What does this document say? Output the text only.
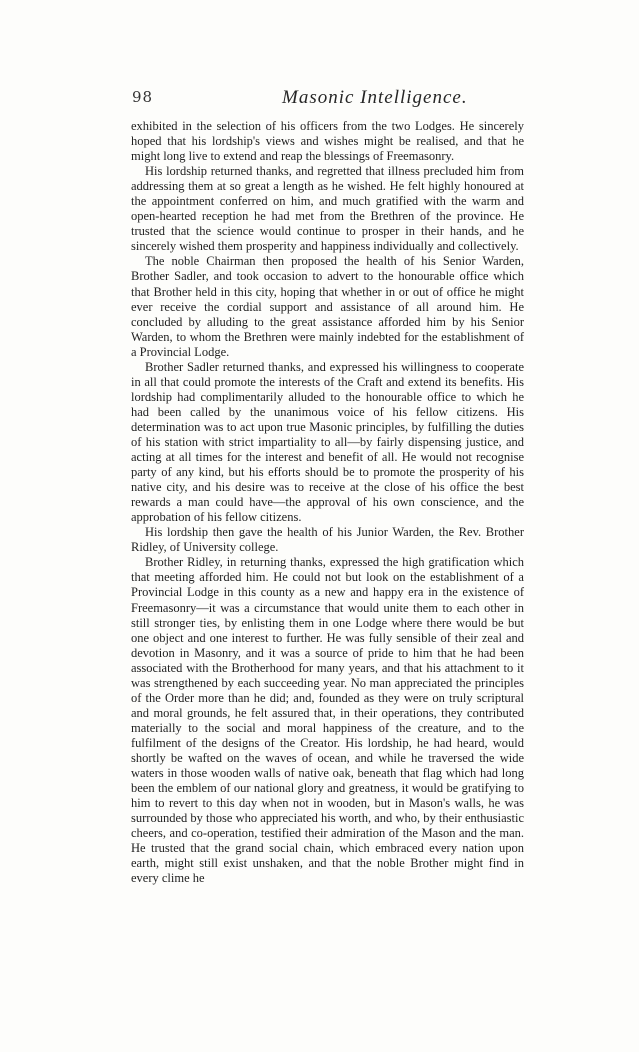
98	Masonic Intelligence.

exhibited in the selection of his officers from the two Lodges. He sincerely hoped that his lordship's views and wishes might be realised, and that he might long live to extend and reap the blessings of Freemasonry.

His lordship returned thanks, and regretted that illness precluded him from addressing them at so great a length as he wished. He felt highly honoured at the appointment conferred on him, and much gratified with the warm and open-hearted reception he had met from the Brethren of the province. He trusted that the science would continue to prosper in their hands, and he sincerely wished them prosperity and happiness individually and collectively.

The noble Chairman then proposed the health of his Senior Warden, Brother Sadler, and took occasion to advert to the honourable office which that Brother held in this city, hoping that whether in or out of office he might ever receive the cordial support and assistance of all around him. He concluded by alluding to the great assistance afforded him by his Senior Warden, to whom the Brethren were mainly indebted for the establishment of a Provincial Lodge.

Brother Sadler returned thanks, and expressed his willingness to cooperate in all that could promote the interests of the Craft and extend its benefits. His lordship had complimentarily alluded to the honourable office to which he had been called by the unanimous voice of his fellow citizens. His determination was to act upon true Masonic principles, by fulfilling the duties of his station with strict impartiality to all—by fairly dispensing justice, and acting at all times for the interest and benefit of all. He would not recognise party of any kind, but his efforts should be to promote the prosperity of his native city, and his desire was to receive at the close of his office the best rewards a man could have—the approval of his own conscience, and the approbation of his fellow citizens.

His lordship then gave the health of his Junior Warden, the Rev. Brother Ridley, of University college.

Brother Ridley, in returning thanks, expressed the high gratification which that meeting afforded him. He could not but look on the establishment of a Provincial Lodge in this county as a new and happy era in the existence of Freemasonry—it was a circumstance that would unite them to each other in still stronger ties, by enlisting them in one Lodge where there would be but one object and one interest to further. He was fully sensible of their zeal and devotion in Masonry, and it was a source of pride to him that he had been associated with the Brotherhood for many years, and that his attachment to it was strengthened by each succeeding year. No man appreciated the principles of the Order more than he did; and, founded as they were on truly scriptural and moral grounds, he felt assured that, in their operations, they contributed materially to the social and moral happiness of the creature, and to the fulfilment of the designs of the Creator. His lordship, he had heard, would shortly be wafted on the waves of ocean, and while he traversed the wide waters in those wooden walls of native oak, beneath that flag which had long been the emblem of our national glory and greatness, it would be gratifying to him to revert to this day when not in wooden, but in Mason's walls, he was surrounded by those who appreciated his worth, and who, by their enthusiastic cheers, and co-operation, testified their admiration of the Mason and the man. He trusted that the grand social chain, which embraced every nation upon earth, might still exist unshaken, and that the noble Brother might find in every clime he
